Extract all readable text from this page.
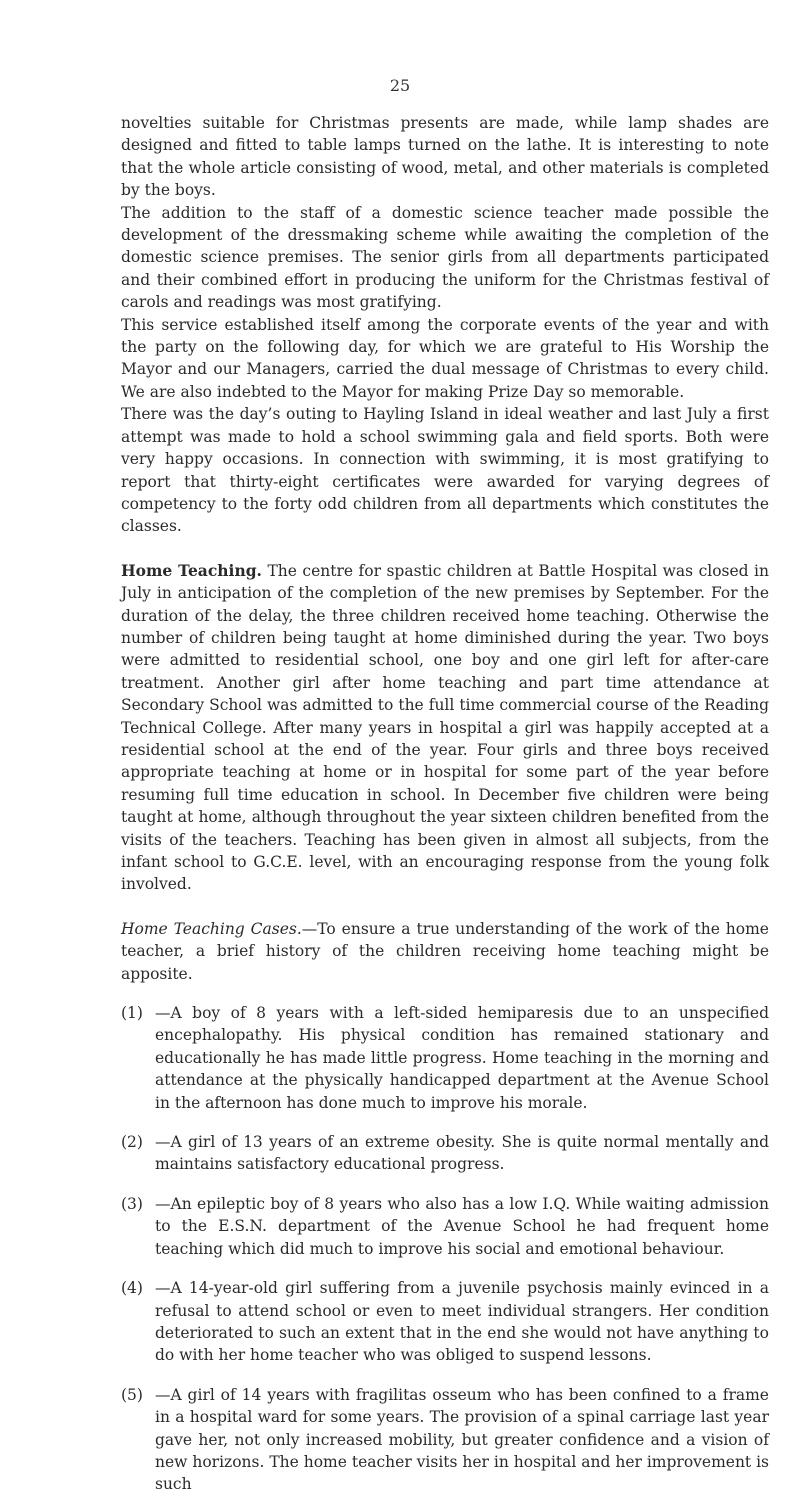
25

novelties suitable for Christmas presents are made, while lamp shades are designed and fitted to table lamps turned on the lathe. It is interesting to note that the whole article consisting of wood, metal, and other materials is completed by the boys.

The addition to the staff of a domestic science teacher made possible the development of the dressmaking scheme while awaiting the completion of the domestic science premises. The senior girls from all departments participated and their combined effort in producing the uniform for the Christmas festival of carols and readings was most gratifying.

This service established itself among the corporate events of the year and with the party on the following day, for which we are grateful to His Worship the Mayor and our Managers, carried the dual message of Christmas to every child. We are also indebted to the Mayor for making Prize Day so memorable.

There was the day’s outing to Hayling Island in ideal weather and last July a first attempt was made to hold a school swimming gala and field sports. Both were very happy occasions. In connection with swimming, it is most gratifying to report that thirty-eight certificates were awarded for varying degrees of competency to the forty odd children from all departments which constitutes the classes.

Home Teaching. The centre for spastic children at Battle Hospital was closed in July in anticipation of the completion of the new premises by September. For the duration of the delay, the three children received home teaching. Otherwise the number of children being taught at home diminished during the year. Two boys were admitted to residential school, one boy and one girl left for after-care treatment. Another girl after home teaching and part time attendance at Secondary School was admitted to the full time commercial course of the Reading Technical College. After many years in hospital a girl was happily accepted at a residential school at the end of the year. Four girls and three boys received appropriate teaching at home or in hospital for some part of the year before resuming full time education in school. In December five children were being taught at home, although throughout the year sixteen children benefited from the visits of the teachers. Teaching has been given in almost all subjects, from the infant school to G.C.E. level, with an encouraging response from the young folk involved.

Home Teaching Cases.—To ensure a true understanding of the work of the home teacher, a brief history of the children receiving home teaching might be apposite.

(1) —A boy of 8 years with a left-sided hemiparesis due to an unspecified encephalopathy. His physical condition has remained stationary and educationally he has made little progress. Home teaching in the morning and attendance at the physically handicapped department at the Avenue School in the afternoon has done much to improve his morale.

(2) —A girl of 13 years of an extreme obesity. She is quite normal mentally and maintains satisfactory educational progress.

(3) —An epileptic boy of 8 years who also has a low I.Q. While waiting admission to the E.S.N. department of the Avenue School he had frequent home teaching which did much to improve his social and emotional behaviour.

(4) —A 14-year-old girl suffering from a juvenile psychosis mainly evinced in a refusal to attend school or even to meet individual strangers. Her condition deteriorated to such an extent that in the end she would not have anything to do with her home teacher who was obliged to suspend lessons.

(5) —A girl of 14 years with fragilitas osseum who has been confined to a frame in a hospital ward for some years. The provision of a spinal carriage last year gave her, not only increased mobility, but greater confidence and a vision of new horizons. The home teacher visits her in hospital and her improvement is such
